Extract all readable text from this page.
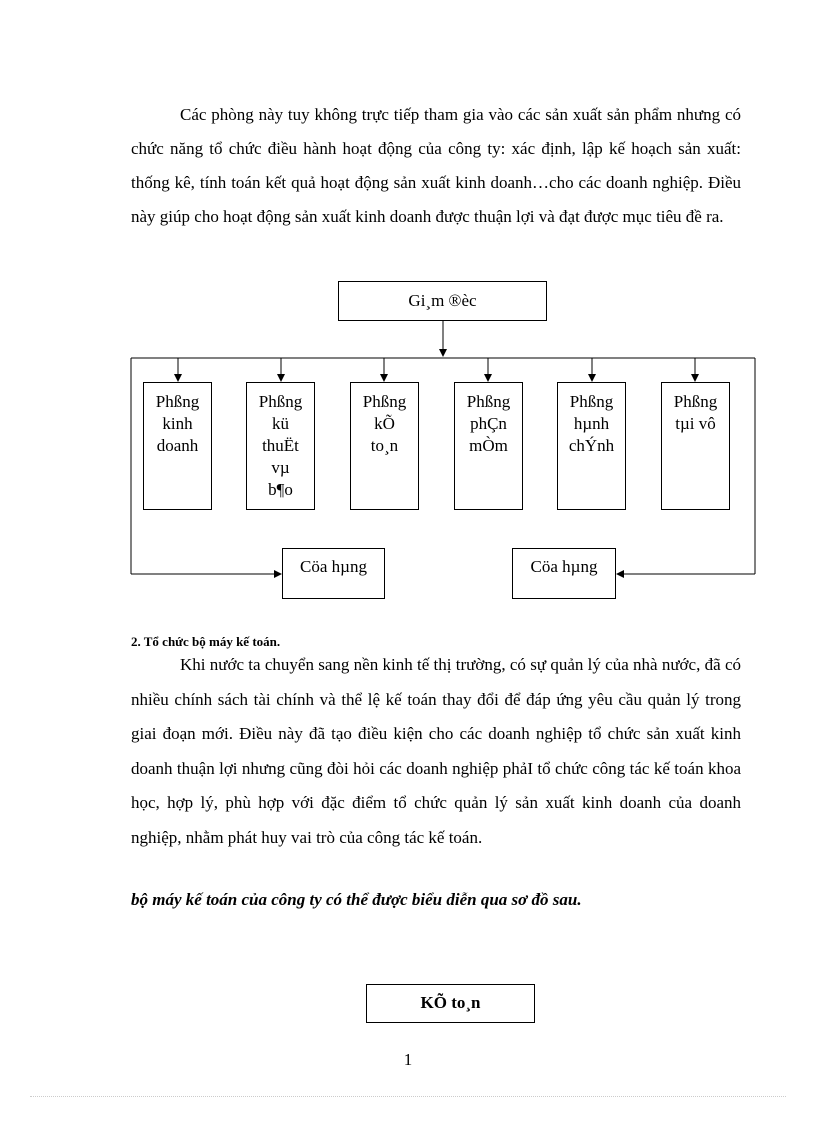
Các phòng này tuy không trực tiếp tham gia vào các sản xuất sản phẩm nhưng có chức năng tổ chức điều hành hoạt động của công ty: xác định, lập kế hoạch sản xuất: thống kê, tính toán kết quả hoạt động sản xuất kinh doanh…cho các doanh nghiệp. Điều này giúp cho hoạt động sản xuất kinh doanh được thuận lợi và đạt được mục tiêu đề ra.
Gi¸m ®èc
Phßng
kinh
doanh
Phßng
kü
thuËt
vµ
b¶o
Phßng
kÕ
to¸n
Phßng
phÇn
mÒm
Phßng
hµnh
chÝnh
Phßng
tµi vô
Cöa hµng	Cöa hµng
2. Tổ chức bộ máy kế toán.
Khi nước ta chuyển sang nền kinh tế thị trường, có sự quản lý của nhà nước, đã có nhiều chính sách tài chính và thể lệ kế toán thay đổi để đáp ứng yêu cầu quản lý trong giai đoạn mới. Điều này đã tạo điều kiện cho các doanh nghiệp tổ chức sản xuất kinh doanh thuận lợi nhưng cũng đòi hỏi các doanh nghiệp phảI tổ chức công tác kế toán khoa học, hợp lý, phù hợp với đặc điểm tổ chức quản lý sản xuất kinh doanh của doanh nghiệp, nhằm phát huy vai trò của công tác kế toán.
bộ máy kế toán của công ty có thể được biểu diễn qua sơ đồ sau.
KÕ to¸n
1
